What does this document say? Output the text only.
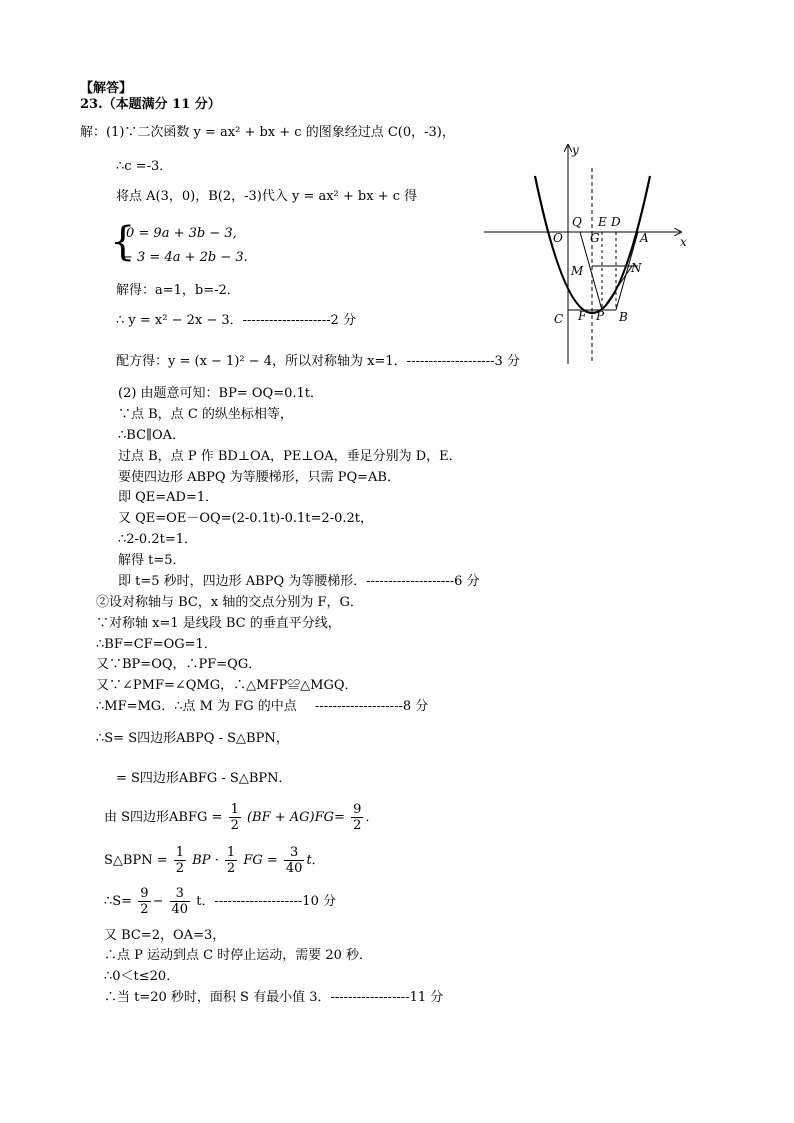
【解答】
23.（本题满分 11 分）
解：(1)∵二次函数 y = ax² + bx + c 的图象经过点 C(0，-3)，
∴c =-3．
将点 A(3，0)，B(2，-3)代入 y = ax² + bx + c 得
{
0 = 9a + 3b − 3,
− 3 = 4a + 2b − 3.
解得：a=1，b=-2．
∴ y = x² − 2x − 3．--------------------2 分
配方得：y = (x − 1)² − 4，所以对称轴为 x=1．--------------------3 分
(2) 由题意可知：BP= OQ=0.1t．
∵点 B，点 C 的纵坐标相等，
∴BC∥OA．
过点 B，点 P 作 BD⊥OA，PE⊥OA，垂足分别为 D，E．
要使四边形 ABPQ 为等腰梯形，只需 PQ=AB．
即 QE=AD=1．
又 QE=OE－OQ=(2-0.1t)-0.1t=2-0.2t，
∴2-0.2t=1．
解得 t=5．
即 t=5 秒时，四边形 ABPQ 为等腰梯形．--------------------6 分
②设对称轴与 BC，x 轴的交点分别为 F，G．
∵对称轴 x=1 是线段 BC 的垂直平分线，
∴BF=CF=OG=1．
又∵BP=OQ，∴PF=QG．
又∵∠PMF=∠QMG，∴△MFP≌△MGQ．
∴MF=MG．∴点 M 为 FG 的中点 --------------------8 分
∴S= S四边形ABPQ - S△BPN，
= S四边形ABFG - S△BPN．
由 S四边形ABFG = $\frac{1}{2} (BF + AG)FG= \frac{9}{2}$ ．
S△BPN = $\frac{1}{2}$ BP · $\frac{1}{2}$ FG = $\frac{3}{40}$ t．
∴S= $\frac{9}{2} - \frac{3}{40}$ t．--------------------10 分
又 BC=2，OA=3，
∴点 P 运动到点 C 时停止运动，需要 20 秒．
∴0＜t≤20．
∴当 t=20 秒时，面积 S 有最小值 3．------------------11 分
y
x
O
Q
G
E D
A
M	N
C F P B
